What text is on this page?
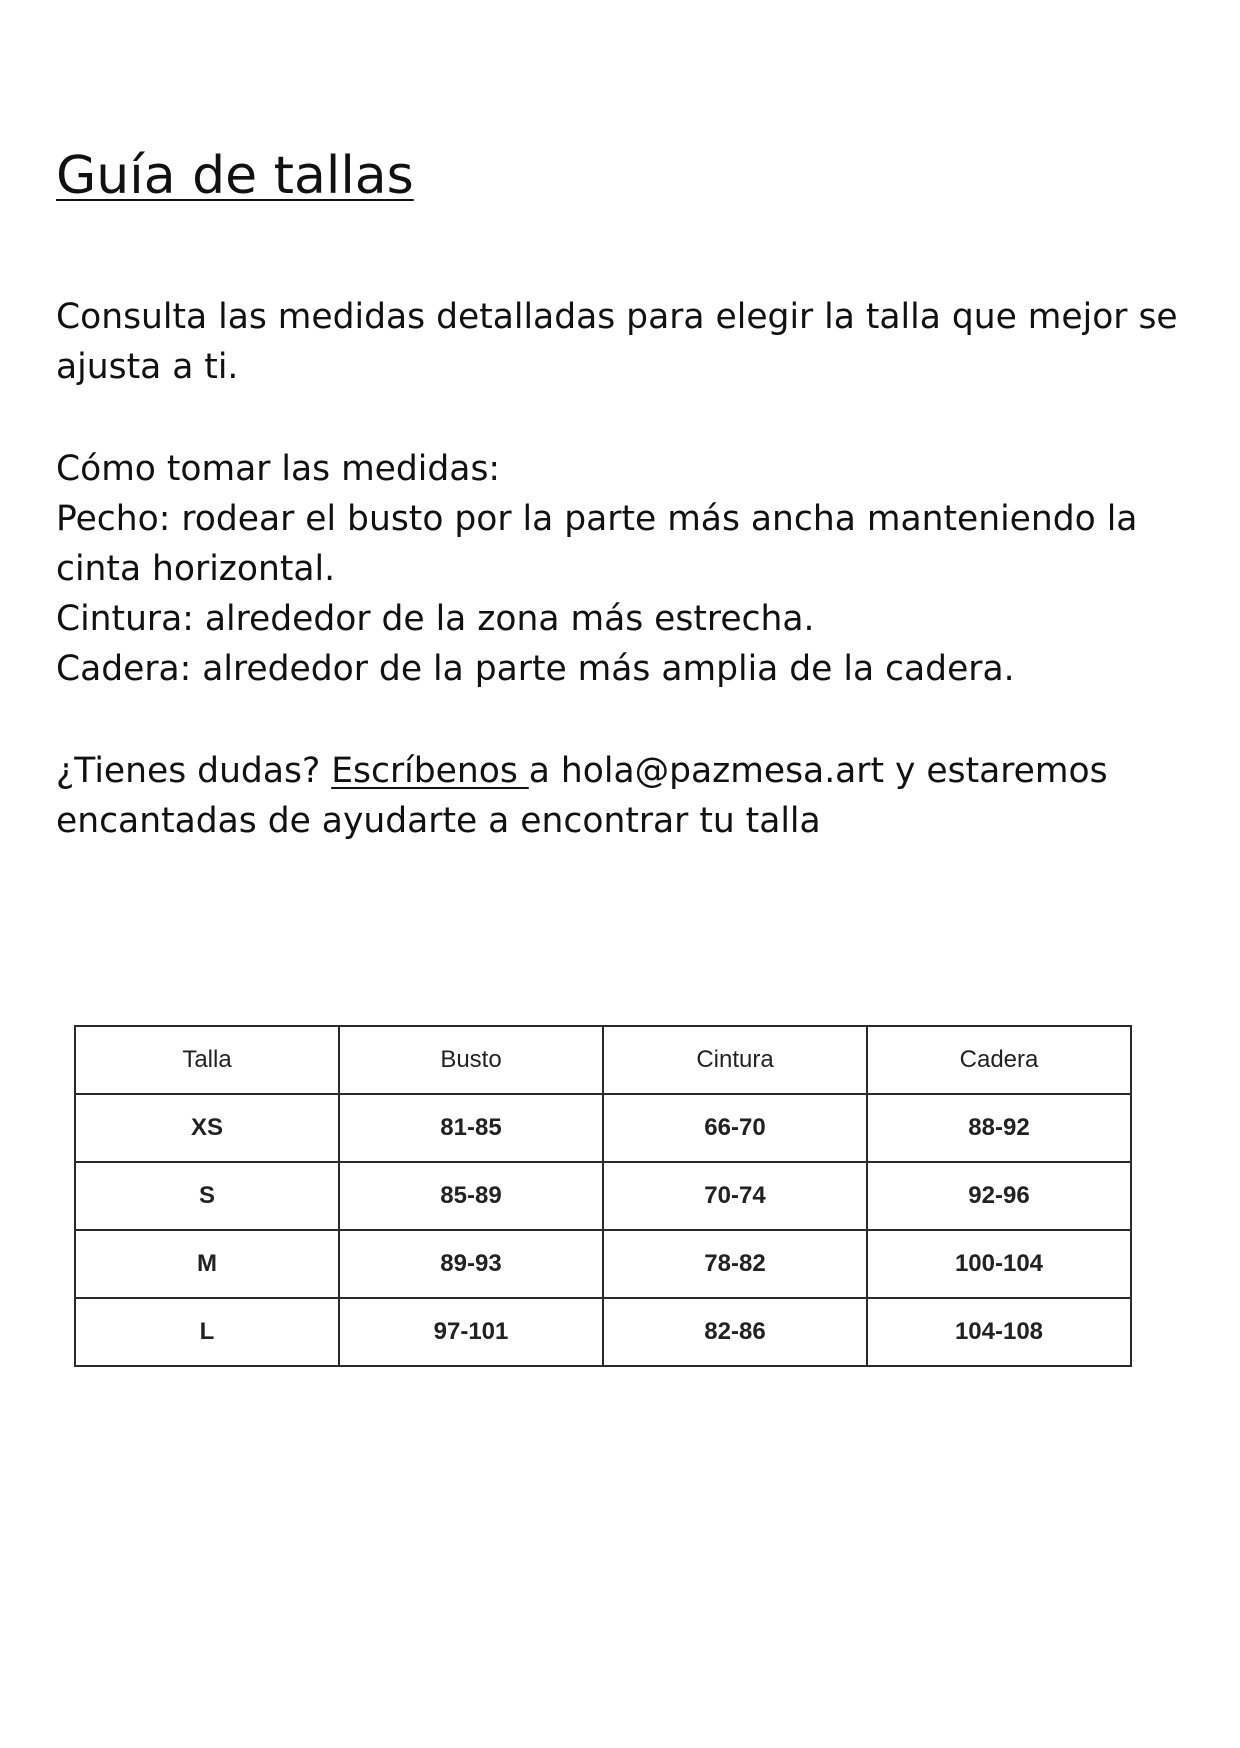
Guía de tallas

Consulta las medidas detalladas para elegir la talla que mejor se ajusta a ti.

Cómo tomar las medidas:
Pecho: rodear el busto por la parte más ancha manteniendo la cinta horizontal.
Cintura: alrededor de la zona más estrecha.
Cadera: alrededor de la parte más amplia de la cadera.

¿Tienes dudas? Escríbenos a hola@pazmesa.art y estaremos encantadas de ayudarte a encontrar tu talla

Talla	Busto	Cintura	Cadera
XS	81-85	66-70	88-92
S	85-89	70-74	92-96
M	89-93	78-82	100-104
L	97-101	82-86	104-108
